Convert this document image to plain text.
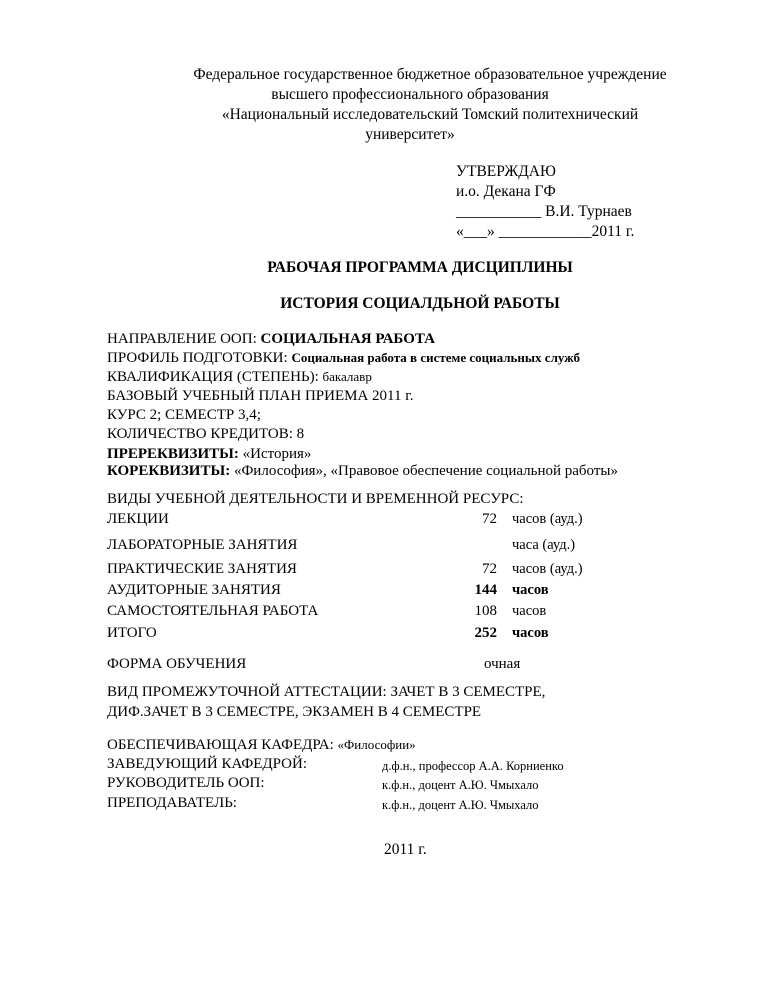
Федеральное государственное бюджетное образовательное учреждение
высшего профессионального образования
«Национальный исследовательский Томский политехнический
университет»
УТВЕРЖДАЮ
и.о. Декана ГФ
___________ В.И. Турнаев
«___» ____________2011 г.
РАБОЧАЯ ПРОГРАММА ДИСЦИПЛИНЫ
ИСТОРИЯ СОЦИАЛДЬНОЙ РАБОТЫ
НАПРАВЛЕНИЕ ООП: СОЦИАЛЬНАЯ РАБОТА
ПРОФИЛЬ ПОДГОТОВКИ: Социальная работа в системе социальных служб
КВАЛИФИКАЦИЯ (СТЕПЕНЬ): бакалавр
БАЗОВЫЙ УЧЕБНЫЙ ПЛАН ПРИЕМА 2011 г.
КУРС 2; СЕМЕСТР 3,4;
КОЛИЧЕСТВО КРЕДИТОВ: 8
ПРЕРЕКВИЗИТЫ: «История»
КОРЕКВИЗИТЫ: «Философия», «Правовое обеспечение социальной работы»
ВИДЫ УЧЕБНОЙ ДЕЯТЕЛЬНОСТИ И ВРЕМЕННОЙ РЕСУРС:
ЛЕКЦИИ	72 часов (ауд.)
ЛАБОРАТОРНЫЕ ЗАНЯТИЯ	часа (ауд.)
ПРАКТИЧЕСКИЕ ЗАНЯТИЯ	72 часов (ауд.)
АУДИТОРНЫЕ ЗАНЯТИЯ	144 часов
САМОСТОЯТЕЛЬНАЯ РАБОТА	108 часов
ИТОГО	252 часов
ФОРМА ОБУЧЕНИЯ	очная
ВИД ПРОМЕЖУТОЧНОЙ АТТЕСТАЦИИ: ЗАЧЕТ В 3 СЕМЕСТРЕ,
ДИФ.ЗАЧЕТ В 3 СЕМЕСТРЕ, ЭКЗАМЕН В 4 СЕМЕСТРЕ
ОБЕСПЕЧИВАЮЩАЯ КАФЕДРА: «Философии»
ЗАВЕДУЮЩИЙ КАФЕДРОЙ:	д.ф.н., профессор А.А. Корниенко
РУКОВОДИТЕЛЬ ООП:	к.ф.н., доцент А.Ю. Чмыхало
ПРЕПОДАВАТЕЛЬ:	к.ф.н., доцент А.Ю. Чмыхало
2011 г.
